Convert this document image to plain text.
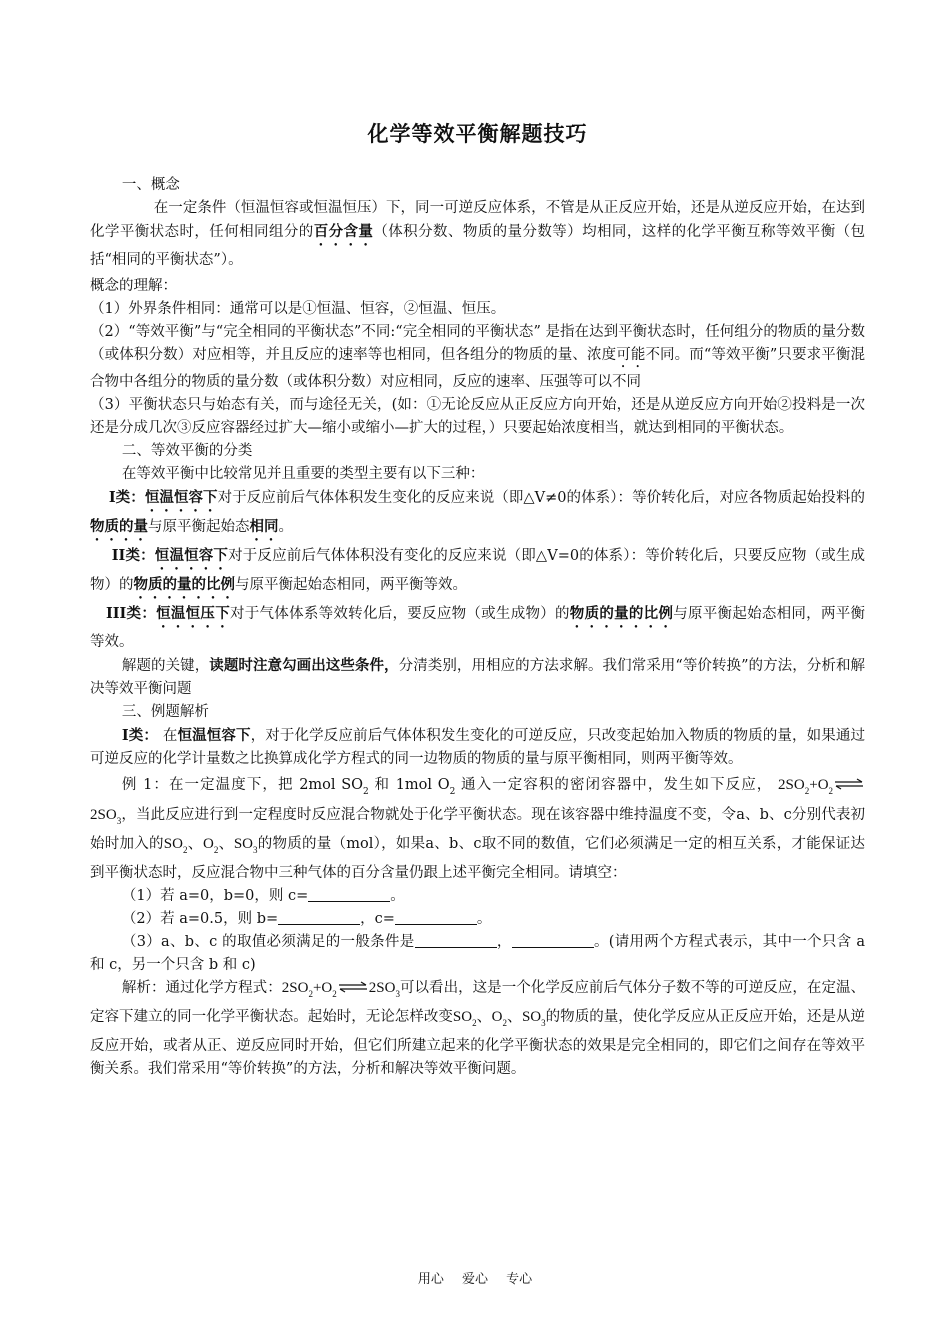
化学等效平衡解题技巧

一、概念

在一定条件（恒温恒容或恒温恒压）下，同一可逆反应体系，不管是从正反应开始，还是从逆反应开始，在达到化学平衡状态时，任何相同组分的百分含量（体积分数、物质的量分数等）均相同，这样的化学平衡互称等效平衡（包括“相同的平衡状态”）。

概念的理解：

（1）外界条件相同：通常可以是①恒温、恒容，②恒温、恒压。

（2）“等效平衡”与“完全相同的平衡状态”不同:“完全相同的平衡状态” 是指在达到平衡状态时，任何组分的物质的量分数（或体积分数）对应相等，并且反应的速率等也相同，但各组分的物质的量、浓度可能不同。而“等效平衡”只要求平衡混合物中各组分的物质的量分数（或体积分数）对应相同，反应的速率、压强等可以不同

（3）平衡状态只与始态有关，而与途径无关，(如：①无论反应从正反应方向开始，还是从逆反应方向开始②投料是一次还是分成几次③反应容器经过扩大—缩小或缩小—扩大的过程，）只要起始浓度相当，就达到相同的平衡状态。

二、等效平衡的分类

在等效平衡中比较常见并且重要的类型主要有以下三种：

I类：恒温恒容下对于反应前后气体体积发生变化的反应来说（即△V≠0的体系）：等价转化后，对应各物质起始投料的物质的量与原平衡起始态相同。

II类：恒温恒容下对于反应前后气体体积没有变化的反应来说（即△V=0的体系）：等价转化后，只要反应物（或生成物）的物质的量的比例与原平衡起始态相同，两平衡等效。

III类：恒温恒压下对于气体体系等效转化后，要反应物（或生成物）的物质的量的比例与原平衡起始态相同，两平衡等效。

解题的关键，读题时注意勾画出这些条件，分清类别，用相应的方法求解。我们常采用“等价转换”的方法，分析和解决等效平衡问题

三、例题解析

I类： 在恒温恒容下，对于化学反应前后气体体积发生变化的可逆反应，只改变起始加入物质的物质的量，如果通过可逆反应的化学计量数之比换算成化学方程式的同一边物质的物质的量与原平衡相同，则两平衡等效。

例 1：在一定温度下，把 2mol $SO_2$ 和 1mol $O_2$ 通入一定容积的密闭容器中，发生如下反应， $2SO_2+O_22SO_3$，当此反应进行到一定程度时反应混合物就处于化学平衡状态。现在该容器中维持温度不变，令a、b、c分别代表初始时加入的$SO_2$、$O_2$、$SO_3$的物质的量（mol），如果a、b、c取不同的数值，它们必须满足一定的相互关系，才能保证达到平衡状态时，反应混合物中三种气体的百分含量仍跟上述平衡完全相同。请填空：

（1）若 a=0，b=0，则 c=	。

（2）若 a=0.5，则 b=	，c=	。

（3）a、b、c 的取值必须满足的一般条件是	，	。(请用两个方程式表示，其中一个只含 a 和 c，另一个只含 b 和 c)

解析：通过化学方程式：$2SO_2+O_2$ $\rightleftharpoons 2SO_3$可以看出，这是一个化学反应前后气体分子数不等的可逆反应，在定温、定容下建立的同一化学平衡状态。起始时，无论怎样改变$SO_2$、$O_2$、$SO_3$的物质的量，使化学反应从正反应开始，还是从逆反应开始，或者从正、逆反应同时开始，但它们所建立起来的化学平衡状态的效果是完全相同的，即它们之间存在等效平衡关系。我们常采用“等价转换”的方法，分析和解决等效平衡问题。

用心 爱心 专心
